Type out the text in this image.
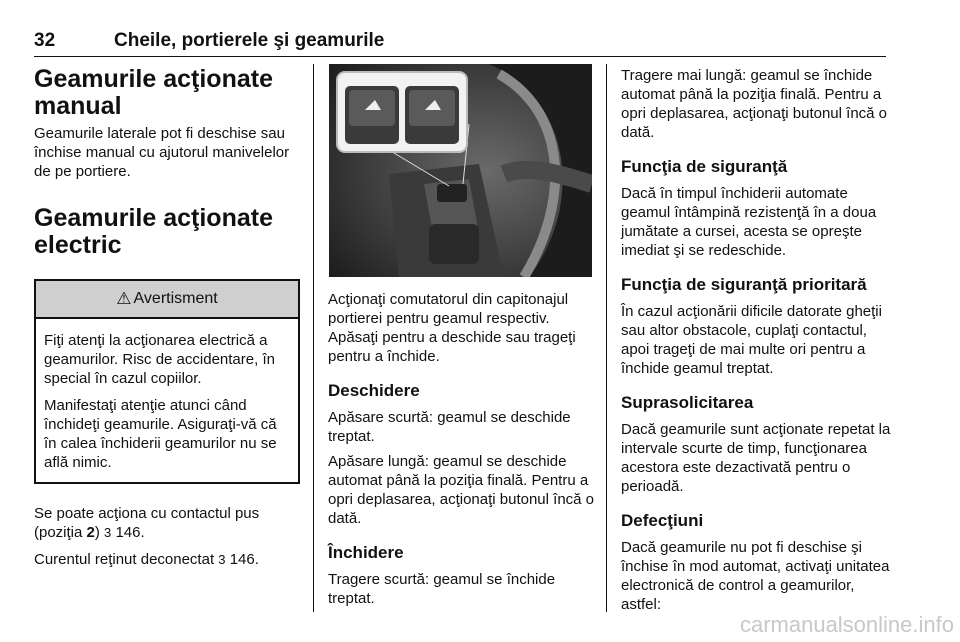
32	Cheile, portierele şi geamurile
Geamurile acţionate
manual

Geamurile laterale pot fi deschise sau închise manual cu ajutorul manivelelor de pe portiere.

Geamurile acţionate electric
⚠ Avertisment

Fiţi atenţi la acţionarea electrică a geamurilor. Risc de accidentare, în special în cazul copiilor.

Manifestaţi atenţie atunci când închideţi geamurile. Asiguraţi-vă că în calea închiderii geamurilor nu se află nimic.

Se poate acţiona cu contactul pus (poziţia 2) 3 146.

Curentul reţinut deconectat 3 146.

Acţionaţi comutatorul din capitonajul portierei pentru geamul respectiv. Apăsaţi pentru a deschide sau trageţi pentru a închide.

Deschidere

Apăsare scurtă: geamul se deschide treptat.

Apăsare lungă: geamul se deschide automat până la poziţia finală. Pentru a opri deplasarea, acţionaţi butonul încă o dată.

Închidere

Tragere scurtă: geamul se închide treptat.

Tragere mai lungă: geamul se închide automat până la poziţia finală. Pentru a opri deplasarea, acţionaţi butonul încă o dată.

Funcţia de siguranţă

Dacă în timpul închiderii automate geamul întâmpină rezistenţă în a doua jumătate a cursei, acesta se opreşte imediat şi se redeschide.

Funcţia de siguranţă prioritară

În cazul acţionării dificile datorate gheţii sau altor obstacole, cuplaţi contactul, apoi trageţi de mai multe ori pentru a închide geamul treptat.

Suprasolicitarea

Dacă geamurile sunt acţionate repetat la intervale scurte de timp, funcţionarea acestora este dezactivată pentru o perioadă.

Defecţiuni

Dacă geamurile nu pot fi deschise şi închise în mod automat, activaţi unitatea electronică de control a geamurilor, astfel:

carmanualsonline.info
